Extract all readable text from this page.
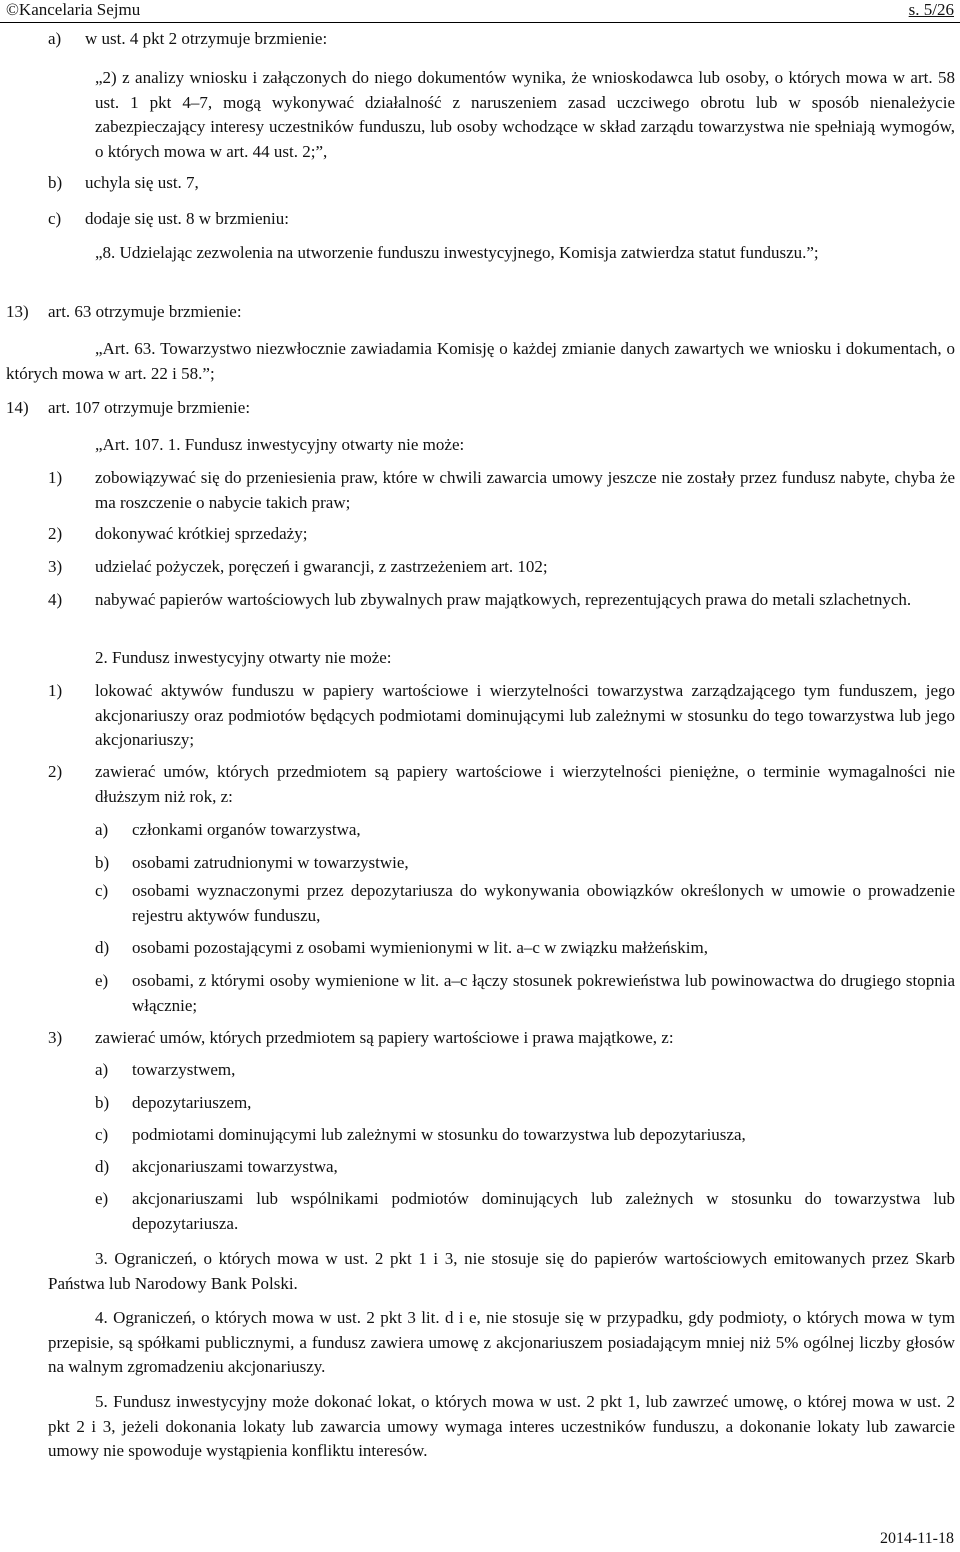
©Kancelaria Sejmu	s. 5/26
a) w ust. 4 pkt 2 otrzymuje brzmienie:

„2) z analizy wniosku i załączonych do niego dokumentów wynika, że wnioskodawca lub osoby, o których mowa w art. 58 ust. 1 pkt 4–7, mogą wykonywać działalność z naruszeniem zasad uczciwego obrotu lub w sposób nienależycie zabezpieczający interesy uczestników funduszu, lub osoby wchodzące w skład zarządu towarzystwa nie spełniają wymogów, o których mowa w art. 44 ust. 2;”,

b) uchyla się ust. 7,
c) dodaje się ust. 8 w brzmieniu:

„8. Udzielając zezwolenia na utworzenie funduszu inwestycyjnego, Komisja zatwierdza statut funduszu.”;

13) art. 63 otrzymuje brzmienie:

„Art. 63. Towarzystwo niezwłocznie zawiadamia Komisję o każdej zmianie danych zawartych we wniosku i dokumentach, o których mowa w art. 22 i 58.”;

14) art. 107 otrzymuje brzmienie:
„Art. 107. 1. Fundusz inwestycyjny otwarty nie może:
1) zobowiązywać się do przeniesienia praw, które w chwili zawarcia umowy jeszcze nie zostały przez fundusz nabyte, chyba że ma roszczenie o nabycie takich praw;

2) dokonywać krótkiej sprzedaży;

3) udzielać pożyczek, poręczeń i gwarancji, z zastrzeżeniem art. 102;

4) nabywać papierów wartościowych lub zbywalnych praw majątkowych, reprezentujących prawa do metali szlachetnych.

2. Fundusz inwestycyjny otwarty nie może:
1) lokować aktywów funduszu w papiery wartościowe i wierzytelności towarzystwa zarządzającego tym funduszem, jego akcjonariuszy oraz podmiotów będących podmiotami dominującymi lub zależnymi w stosunku do tego towarzystwa lub jego akcjonariuszy;

2) zawierać umów, których przedmiotem są papiery wartościowe i wierzytelności pieniężne, o terminie wymagalności nie dłuższym niż rok, z:

a) członkami organów towarzystwa,

b) osobami zatrudnionymi w towarzystwie,

c) osobami wyznaczonymi przez depozytariusza do wykonywania obowiązków określonych w umowie o prowadzenie rejestru aktywów funduszu,

d) osobami pozostającymi z osobami wymienionymi w lit. a–c w związku małżeńskim,

e) osobami, z którymi osoby wymienione w lit. a–c łączy stosunek pokrewieństwa lub powinowactwa do drugiego stopnia włącznie;

3) zawierać umów, których przedmiotem są papiery wartościowe i prawa majątkowe, z:

a) towarzystwem,

b) depozytariuszem,

c) podmiotami dominującymi lub zależnymi w stosunku do towarzystwa lub depozytariusza,

d) akcjonariuszami towarzystwa,

e) akcjonariuszami lub wspólnikami podmiotów dominujących lub zależnych w stosunku do towarzystwa lub depozytariusza.

3. Ograniczeń, o których mowa w ust. 2 pkt 1 i 3, nie stosuje się do papierów wartościowych emitowanych przez Skarb Państwa lub Narodowy Bank Polski.

4. Ograniczeń, o których mowa w ust. 2 pkt 3 lit. d i e, nie stosuje się w przypadku, gdy podmioty, o których mowa w tym przepisie, są spółkami publicznymi, a fundusz zawiera umowę z akcjonariuszem posiadającym mniej niż 5% ogólnej liczby głosów na walnym zgromadzeniu akcjonariuszy.

5. Fundusz inwestycyjny może dokonać lokat, o których mowa w ust. 2 pkt 1, lub zawrzeć umowę, o której mowa w ust. 2 pkt 2 i 3, jeżeli dokonania lokaty lub zawarcia umowy wymaga interes uczestników funduszu, a dokonanie lokaty lub zawarcie umowy nie spowoduje wystąpienia konfliktu interesów.

2014-11-18
